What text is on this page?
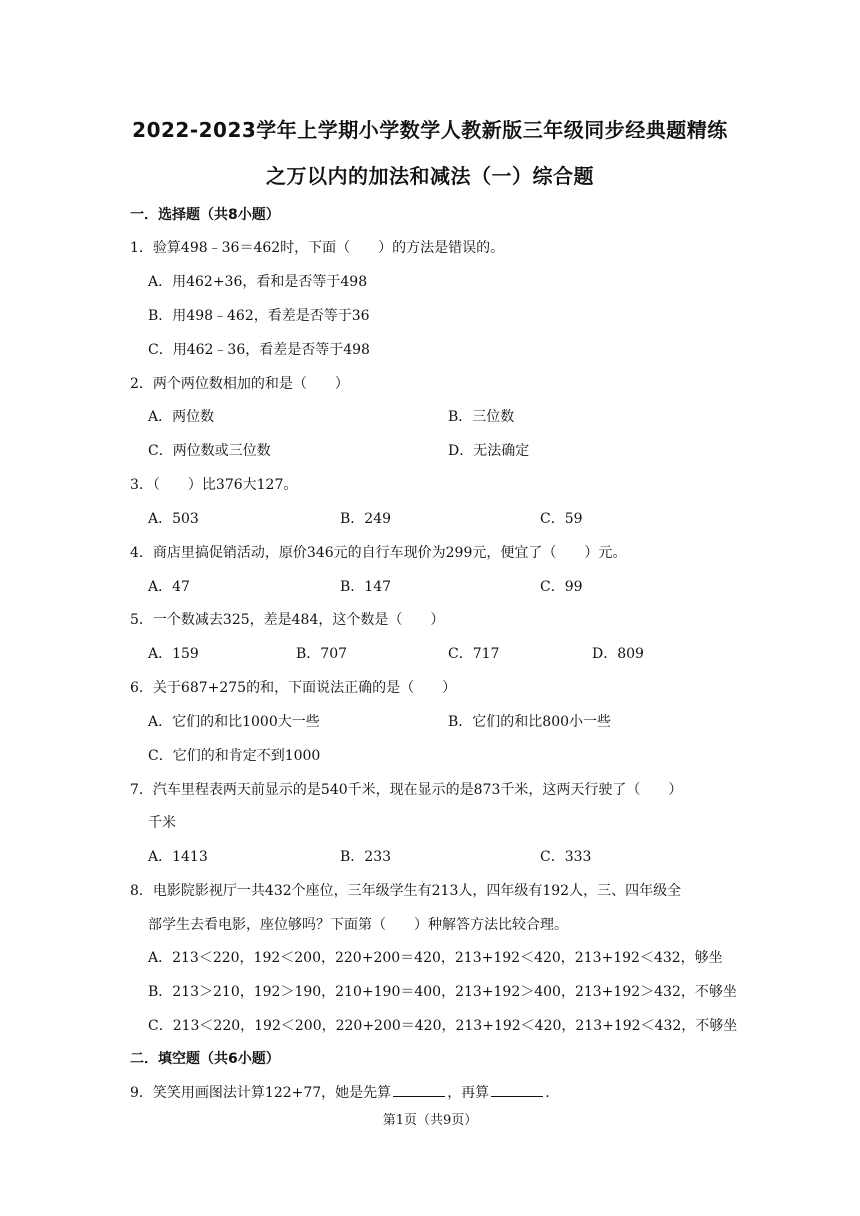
2022-2023学年上学期小学数学人教新版三年级同步经典题精练
之万以内的加法和减法（一）综合题
一．选择题（共8小题）
1．验算498﹣36＝462时，下面（　　）的方法是错误的。
A．用462+36，看和是否等于498
B．用498﹣462，看差是否等于36
C．用462﹣36，看差是否等于498
2．两个两位数相加的和是（　　）
A．两位数	B．三位数
C．两位数或三位数	D．无法确定
3．（　　）比376大127。
A．503	B．249	C．59
4．商店里搞促销活动，原价346元的自行车现价为299元，便宜了（　　）元。
A．47	B．147	C．99
5．一个数减去325，差是484，这个数是（　　）
A．159	B．707	C．717	D．809
6．关于687+275的和，下面说法正确的是（　　）
A．它们的和比1000大一些	B．它们的和比800小一些
C．它们的和肯定不到1000
7．汽车里程表两天前显示的是540千米，现在显示的是873千米，这两天行驶了（　　）
千米
A．1413	B．233	C．333
8．电影院影视厅一共432个座位，三年级学生有213人，四年级有192人，三、四年级全
部学生去看电影，座位够吗？下面第（　　）种解答方法比较合理。
A．213＜220，192＜200，220+200＝420，213+192＜420，213+192＜432，够坐
B．213＞210，192＞190，210+190＝400，213+192＞400，213+192＞432，不够坐
C．213＜220，192＜200，220+200＝420，213+192＜420，213+192＜432，不够坐
二．填空题（共6小题）
9．笑笑用画图法计算122+77，她是先算	，再算	.
第1页（共9页）
